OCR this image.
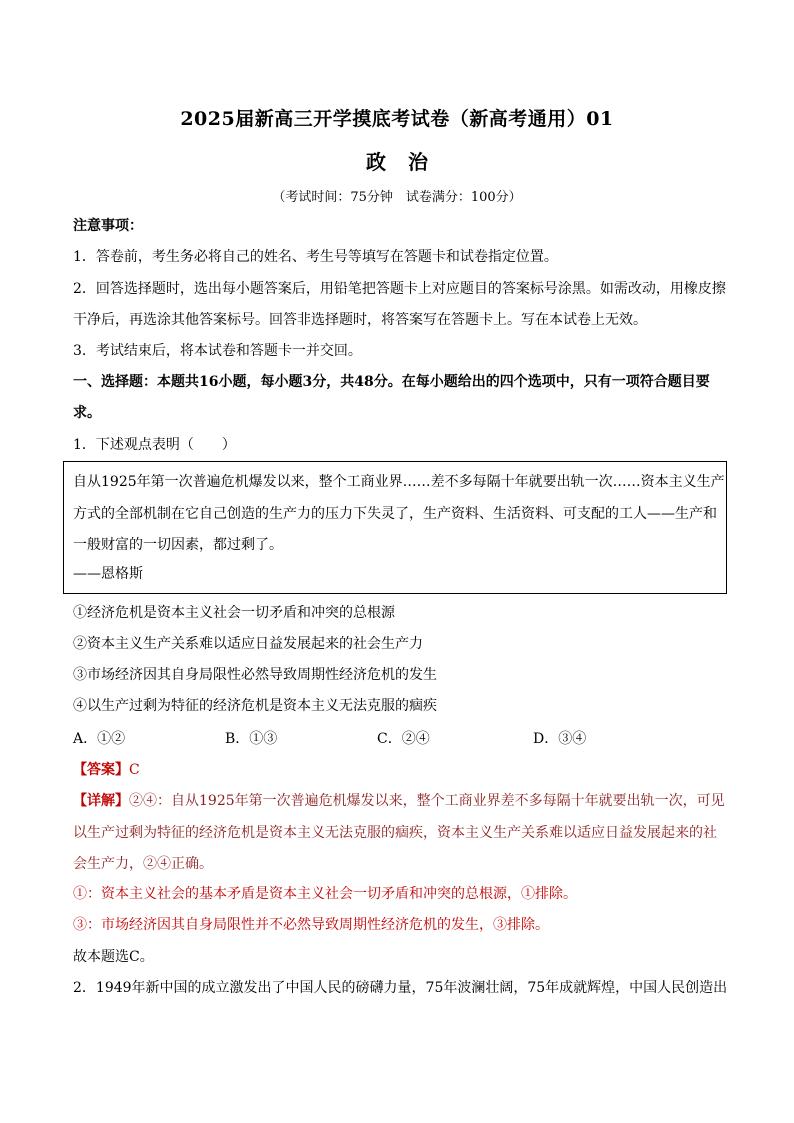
2025届新高三开学摸底考试卷（新高考通用）01
政治
（考试时间：75分钟　试卷满分：100分）
注意事项：
1．答卷前，考生务必将自己的姓名、考生号等填写在答题卡和试卷指定位置。
2．回答选择题时，选出每小题答案后，用铅笔把答题卡上对应题目的答案标号涂黑。如需改动，用橡皮擦
干净后，再选涂其他答案标号。回答非选择题时，将答案写在答题卡上。写在本试卷上无效。
3．考试结束后，将本试卷和答题卡一并交回。
一、选择题：本题共16小题，每小题3分，共48分。在每小题给出的四个选项中，只有一项符合题目要
求。
1．下述观点表明（　　）
自从1925年第一次普遍危机爆发以来，整个工商业界……差不多每隔十年就要出轨一次……资本主义生产
方式的全部机制在它自己创造的生产力的压力下失灵了，生产资料、生活资料、可支配的工人——生产和
一般财富的一切因素，都过剩了。
——恩格斯
①经济危机是资本主义社会一切矛盾和冲突的总根源
②资本主义生产关系难以适应日益发展起来的社会生产力
③市场经济因其自身局限性必然导致周期性经济危机的发生
④以生产过剩为特征的经济危机是资本主义无法克服的痼疾
A．①②	B．①③	C．②④	D．③④
【答案】C
【详解】②④：自从1925年第一次普遍危机爆发以来，整个工商业界差不多每隔十年就要出轨一次，可见
以生产过剩为特征的经济危机是资本主义无法克服的痼疾，资本主义生产关系难以适应日益发展起来的社
会生产力，②④正确。
①：资本主义社会的基本矛盾是资本主义社会一切矛盾和冲突的总根源，①排除。
③：市场经济因其自身局限性并不必然导致周期性经济危机的发生，③排除。
故本题选C。
2．1949年新中国的成立激发出了中国人民的磅礴力量，75年波澜壮阔，75年成就辉煌，中国人民创造出
